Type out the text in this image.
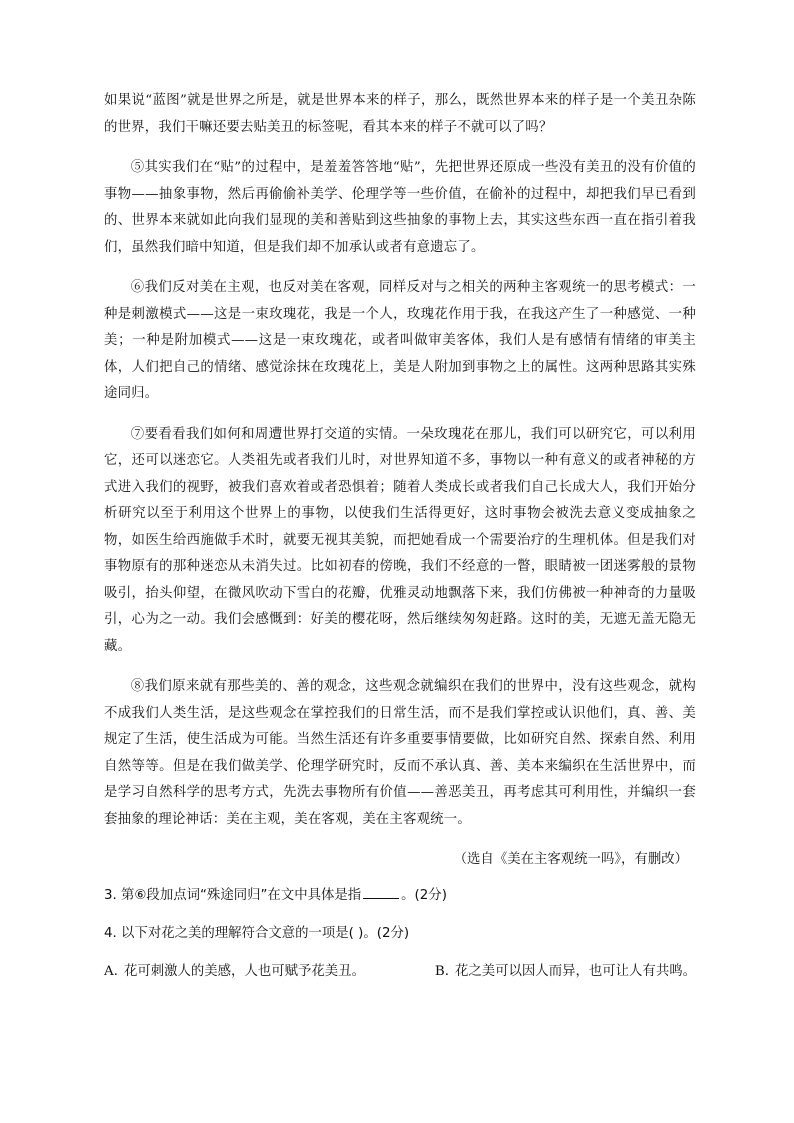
如果说“蓝图”就是世界之所是，就是世界本来的样子，那么，既然世界本来的样子是一个美丑杂陈的世界，我们干嘛还要去贴美丑的标签呢，看其本来的样子不就可以了吗？

⑤其实我们在“贴”的过程中，是羞羞答答地“贴”，先把世界还原成一些没有美丑的没有价值的事物——抽象事物，然后再偷偷补美学、伦理学等一些价值，在偷补的过程中，却把我们早已看到的、世界本来就如此向我们显现的美和善贴到这些抽象的事物上去，其实这些东西一直在指引着我们，虽然我们暗中知道，但是我们却不加承认或者有意遗忘了。

⑥我们反对美在主观，也反对美在客观，同样反对与之相关的两种主客观统一的思考模式：一种是刺激模式——这是一束玫瑰花，我是一个人，玫瑰花作用于我，在我这产生了一种感觉、一种美；一种是附加模式——这是一束玫瑰花，或者叫做审美客体，我们人是有感情有情绪的审美主体，人们把自己的情绪、感觉涂抹在玫瑰花上，美是人附加到事物之上的属性。这两种思路其实殊途同归。

⑦要看看我们如何和周遭世界打交道的实情。一朵玫瑰花在那儿，我们可以研究它，可以利用它，还可以迷恋它。人类祖先或者我们儿时，对世界知道不多，事物以一种有意义的或者神秘的方式进入我们的视野，被我们喜欢着或者恐惧着；随着人类成长或者我们自己长成大人，我们开始分析研究以至于利用这个世界上的事物，以使我们生活得更好，这时事物会被洗去意义变成抽象之物，如医生给西施做手术时，就要无视其美貌，而把她看成一个需要治疗的生理机体。但是我们对事物原有的那种迷恋从未消失过。比如初春的傍晚，我们不经意的一瞥，眼睛被一团迷雾般的景物吸引，抬头仰望，在微风吹动下雪白的花瓣，优雅灵动地飘落下来，我们仿佛被一种神奇的力量吸引，心为之一动。我们会感慨到：好美的樱花呀，然后继续匆匆赶路。这时的美，无遮无盖无隐无藏。

⑧我们原来就有那些美的、善的观念，这些观念就编织在我们的世界中，没有这些观念，就构不成我们人类生活，是这些观念在掌控我们的日常生活，而不是我们掌控或认识他们，真、善、美规定了生活，使生活成为可能。当然生活还有许多重要事情要做，比如研究自然、探索自然、利用自然等等。但是在我们做美学、伦理学研究时，反而不承认真、善、美本来编织在生活世界中，而是学习自然科学的思考方式，先洗去事物所有价值——善恶美丑，再考虑其可利用性，并编织一套套抽象的理论神话：美在主观，美在客观，美在主客观统一。

（选自《美在主客观统一吗》，有删改）
3. 第⑥段加点词“殊途同归”在文中具体是指	。(2分)
4. 以下对花之美的理解符合文意的一项是( )。(2分)
A. 花可刺激人的美感，人也可赋予花美丑。	B. 花之美可以因人而异，也可让人有共鸣。
